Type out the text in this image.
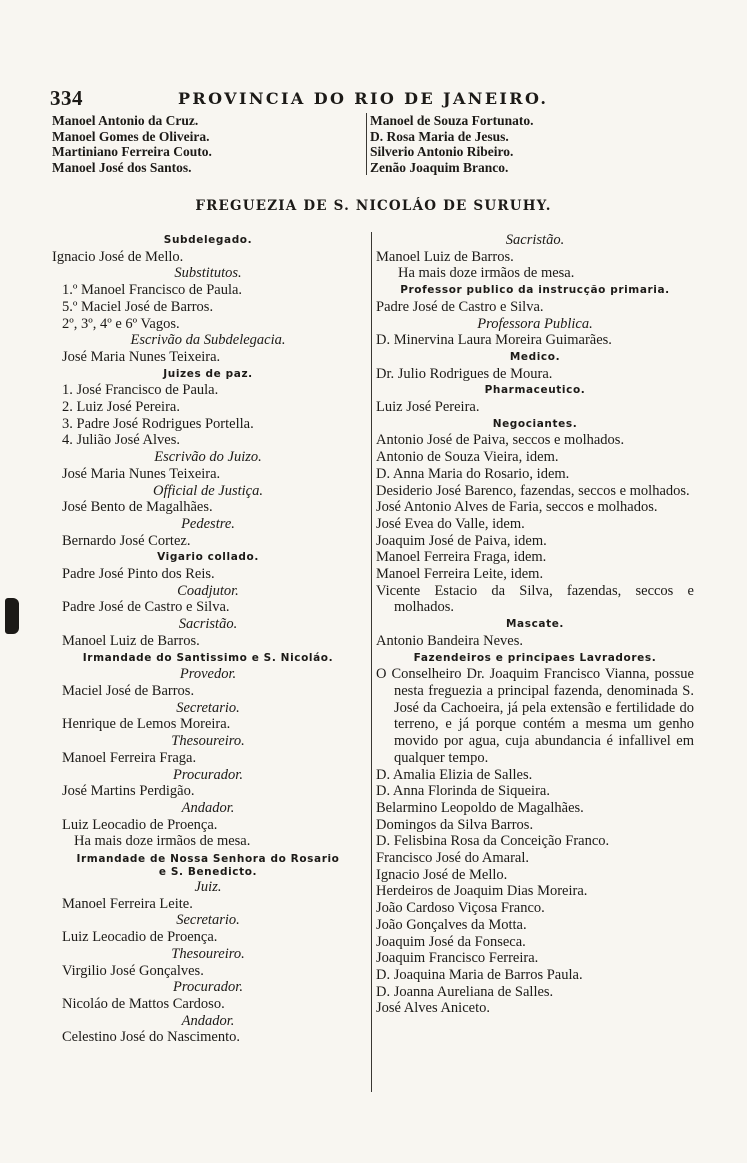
334	PROVINCIA DO RIO DE JANEIRO.
Manoel Antonio da Cruz.
Manoel Gomes de Oliveira.
Martiniano Ferreira Couto.
Manoel José dos Santos.
Manoel de Souza Fortunato.
D. Rosa Maria de Jesus.
Silverio Antonio Ribeiro.
Zenão Joaquim Branco.
FREGUEZIA DE S. NICOLÁO DE SURUHY.
Subdelegado.
Ignacio José de Mello.
Substitutos.
1.º Manoel Francisco de Paula.
5.º Maciel José de Barros.
2º, 3º, 4º e 6º Vagos.
Escrivão da Subdelegacia.
José Maria Nunes Teixeira.
Juizes de paz.
1. José Francisco de Paula.
2. Luiz José Pereira.
3. Padre José Rodrigues Portella.
4. Julião José Alves.
Escrivão do Juizo.
José Maria Nunes Teixeira.
Official de Justiça.
José Bento de Magalhães.
Pedestre.
Bernardo José Cortez.
Vigario collado.
Padre José Pinto dos Reis.
Coadjutor.
Padre José de Castro e Silva.
Sacristão.
Manoel Luiz de Barros.
Irmandade do Santissimo e S. Nicoláo.
Provedor.
Maciel José de Barros.
Secretario.
Henrique de Lemos Moreira.
Thesoureiro.
Manoel Ferreira Fraga.
Procurador.
José Martins Perdigão.
Andador.
Luiz Leocadio de Proença.
Ha mais doze irmãos de mesa.
Irmandade de Nossa Senhora do Rosario
e S. Benedicto.
Juiz.
Manoel Ferreira Leite.
Secretario.
Luiz Leocadio de Proença.
Thesoureiro.
Virgilio José Gonçalves.
Procurador.
Nicoláo de Mattos Cardoso.
Andador.
Celestino José do Nascimento.
Sacristão.
Manoel Luiz de Barros.
Ha mais doze irmãos de mesa.
Professor publico da instrucção primaria.
Padre José de Castro e Silva.
Professora Publica.
D. Minervina Laura Moreira Guimarães.
Medico.
Dr. Julio Rodrigues de Moura.
Pharmaceutico.
Luiz José Pereira.
Negociantes.
Antonio José de Paiva, seccos e molhados.
Antonio de Souza Vieira, idem.
D. Anna Maria do Rosario, idem.
Desiderio José Barenco, fazendas, seccos e molhados.
José Antonio Alves de Faria, seccos e molhados.
José Evea do Valle, idem.
Joaquim José de Paiva, idem.
Manoel Ferreira Fraga, idem.
Manoel Ferreira Leite, idem.
Vicente Estacio da Silva, fazendas, seccos e molhados.
Mascate.
Antonio Bandeira Neves.
Fazendeiros e principaes Lavradores.
O Conselheiro Dr. Joaquim Francisco Vianna, possue nesta freguezia a principal fazenda, denominada S. José da Cachoeira, já pela extensão e fertilidade do terreno, e já porque contém a mesma um genho movido por agua, cuja abundancia é infallivel em qualquer tempo.
D. Amalia Elizia de Salles.
D. Anna Florinda de Siqueira.
Belarmino Leopoldo de Magalhães.
Domingos da Silva Barros.
D. Felisbina Rosa da Conceição Franco.
Francisco José do Amaral.
Ignacio José de Mello.
Herdeiros de Joaquim Dias Moreira.
João Cardoso Viçosa Franco.
João Gonçalves da Motta.
Joaquim José da Fonseca.
Joaquim Francisco Ferreira.
D. Joaquina Maria de Barros Paula.
D. Joanna Aureliana de Salles.
José Alves Aniceto.
